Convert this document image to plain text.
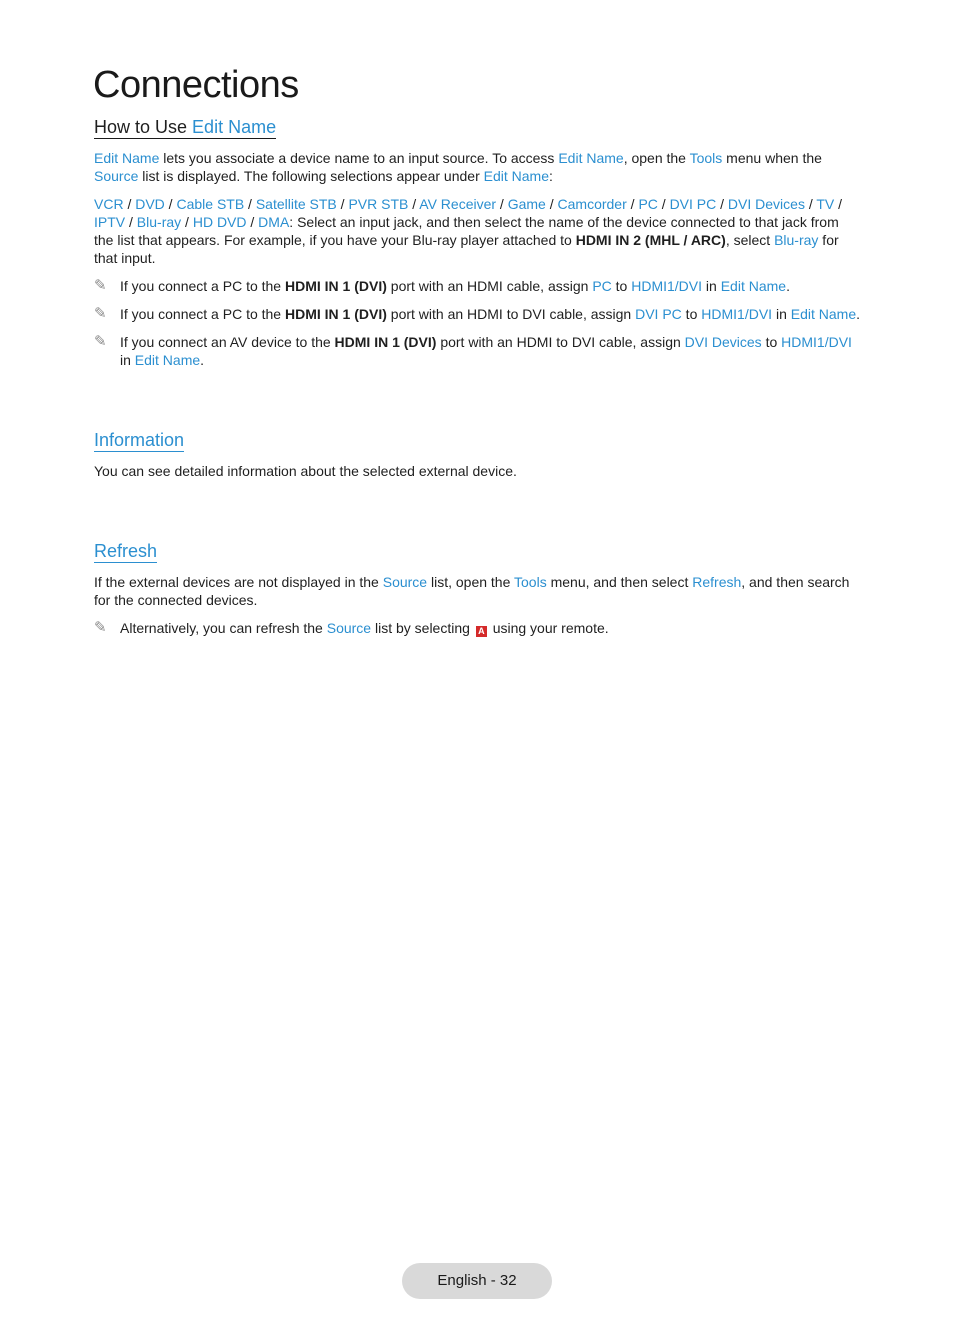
Connections
How to Use Edit Name

Edit Name lets you associate a device name to an input source. To access Edit Name, open the Tools menu when the Source list is displayed. The following selections appear under Edit Name:

VCR / DVD / Cable STB / Satellite STB / PVR STB / AV Receiver / Game / Camcorder / PC / DVI PC / DVI Devices / TV / IPTV / Blu-ray / HD DVD / DMA: Select an input jack, and then select the name of the device connected to that jack from the list that appears. For example, if you have your Blu-ray player attached to HDMI IN 2 (MHL / ARC), select Blu-ray for that input.

✎ If you connect a PC to the HDMI IN 1 (DVI) port with an HDMI cable, assign PC to HDMI1/DVI in Edit Name.
✎ If you connect a PC to the HDMI IN 1 (DVI) port with an HDMI to DVI cable, assign DVI PC to HDMI1/DVI in Edit Name.
✎ If you connect an AV device to the HDMI IN 1 (DVI) port with an HDMI to DVI cable, assign DVI Devices to HDMI1/DVI in Edit Name.
Information

You can see detailed information about the selected external device.

Refresh

If the external devices are not displayed in the Source list, open the Tools menu, and then select Refresh, and then search for the connected devices.

✎ Alternatively, you can refresh the Source list by selecting A using your remote.
English - 32
